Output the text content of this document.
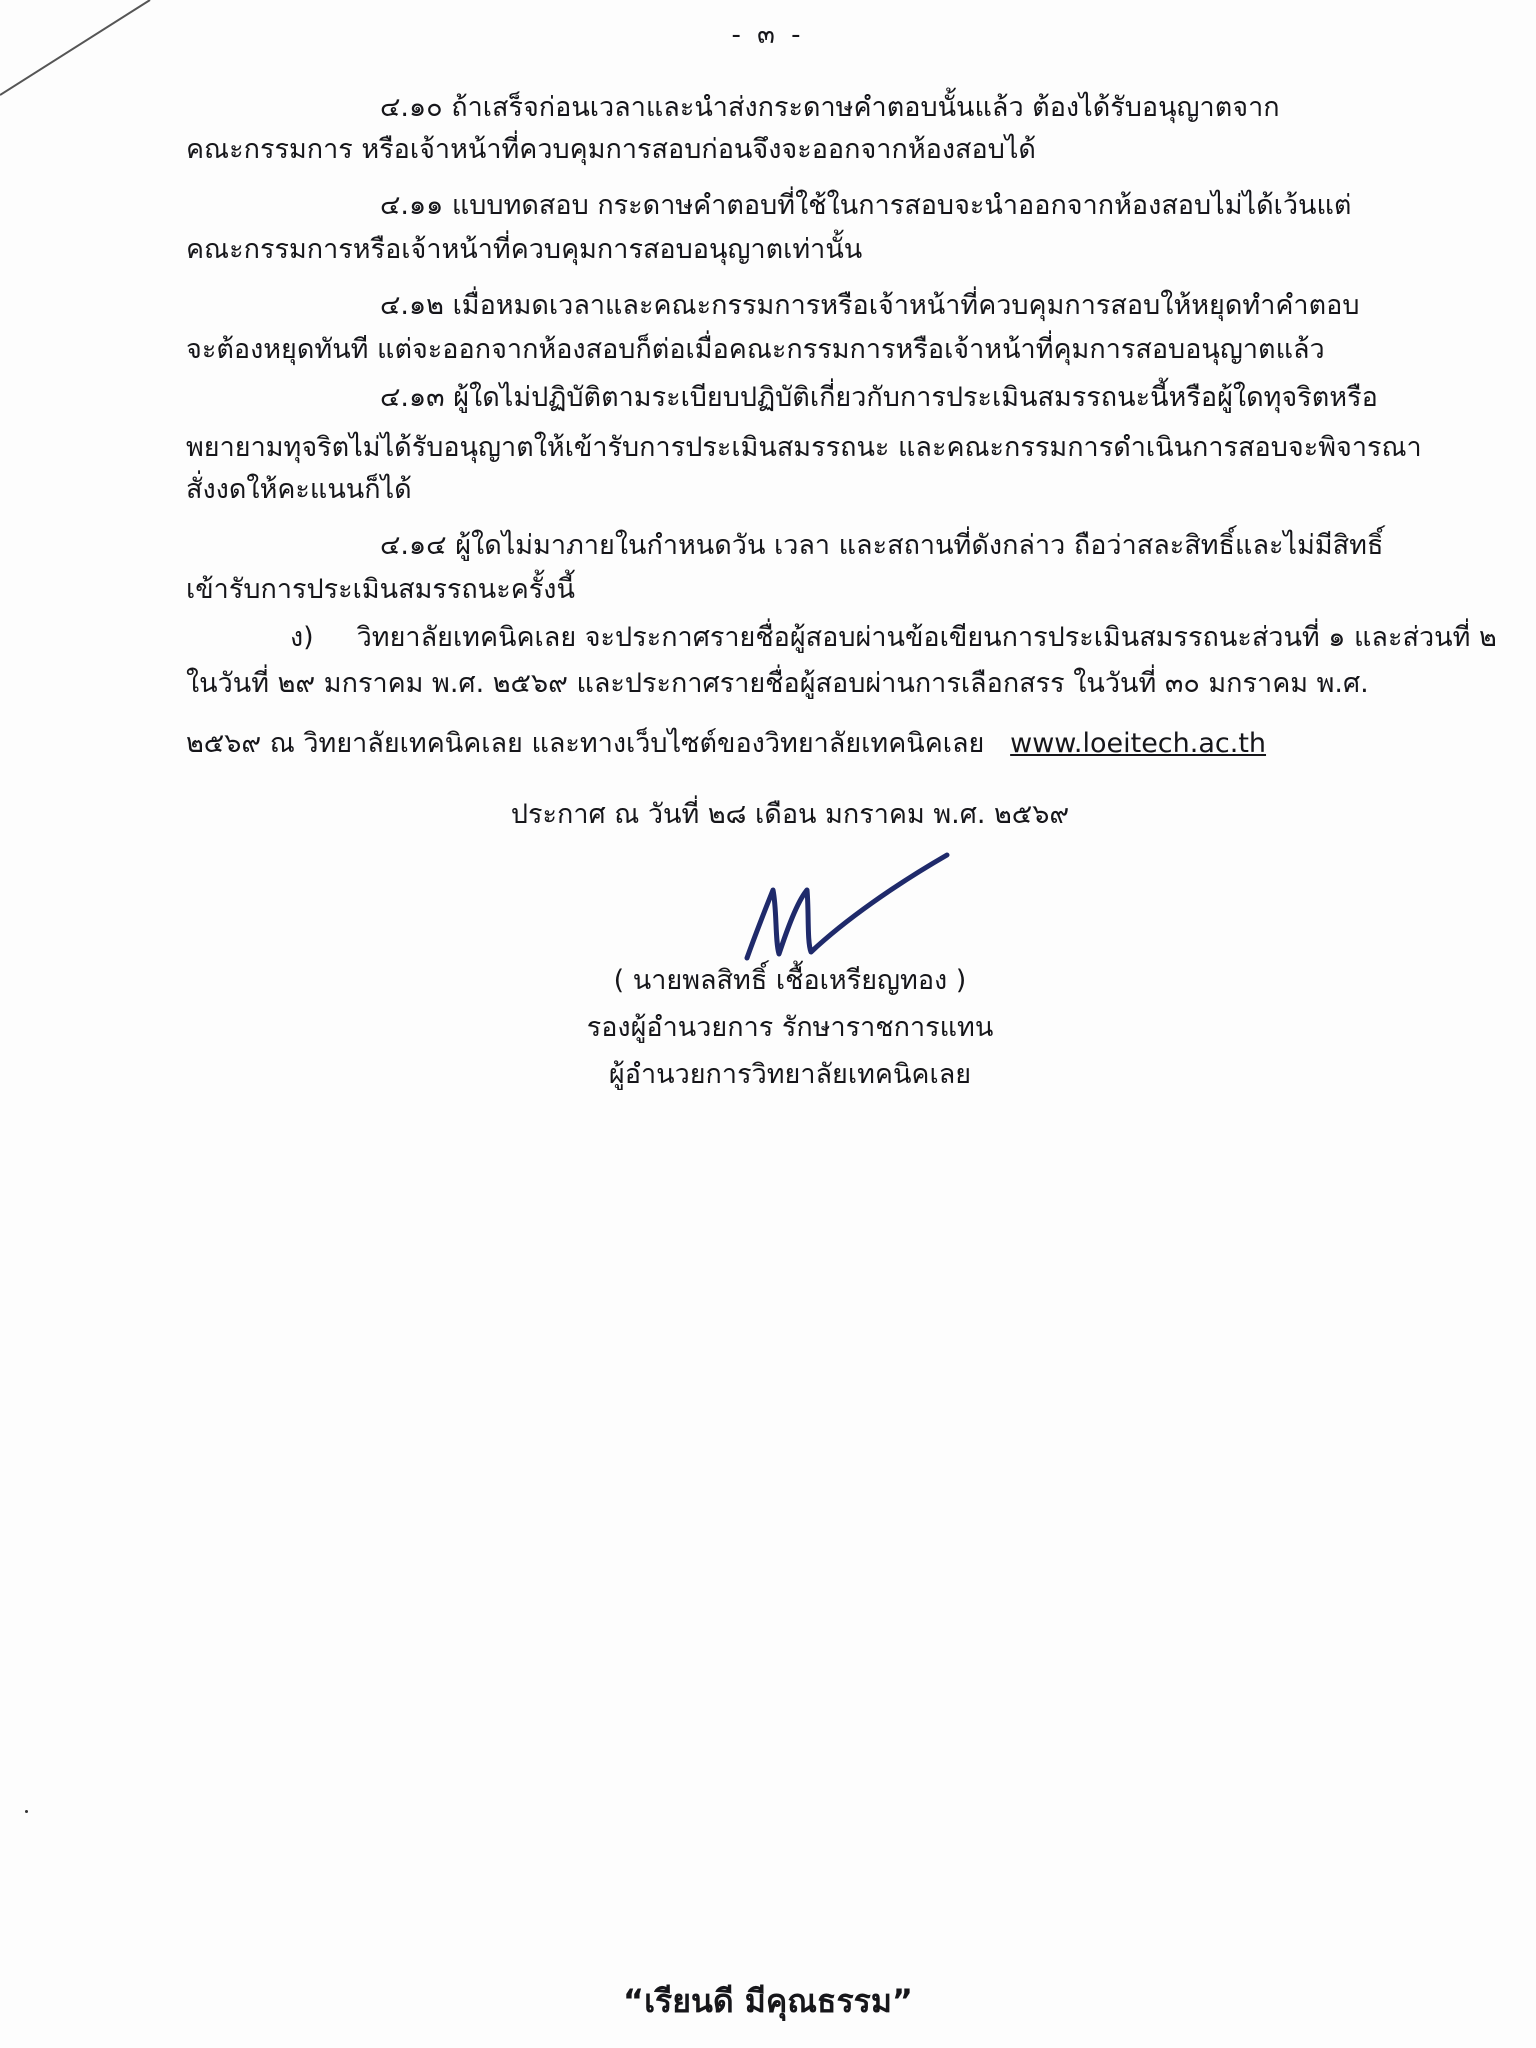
- ๓ -
๔.๑๐ ถ้าเสร็จก่อนเวลาและนำส่งกระดาษคำตอบนั้นแล้ว ต้องได้รับอนุญาตจาก
คณะกรรมการ หรือเจ้าหน้าที่ควบคุมการสอบก่อนจึงจะออกจากห้องสอบได้
๔.๑๑ แบบทดสอบ กระดาษคำตอบที่ใช้ในการสอบจะนำออกจากห้องสอบไม่ได้เว้นแต่
คณะกรรมการหรือเจ้าหน้าที่ควบคุมการสอบอนุญาตเท่านั้น
๔.๑๒ เมื่อหมดเวลาและคณะกรรมการหรือเจ้าหน้าที่ควบคุมการสอบให้หยุดทำคำตอบ
จะต้องหยุดทันที แต่จะออกจากห้องสอบก็ต่อเมื่อคณะกรรมการหรือเจ้าหน้าที่คุมการสอบอนุญาตแล้ว
๔.๑๓ ผู้ใดไม่ปฏิบัติตามระเบียบปฏิบัติเกี่ยวกับการประเมินสมรรถนะนี้หรือผู้ใดทุจริตหรือ
พยายามทุจริตไม่ได้รับอนุญาตให้เข้ารับการประเมินสมรรถนะ และคณะกรรมการดำเนินการสอบจะพิจารณา
สั่งงดให้คะแนนก็ได้
๔.๑๔ ผู้ใดไม่มาภายในกำหนดวัน เวลา และสถานที่ดังกล่าว ถือว่าสละสิทธิ์และไม่มีสิทธิ์
เข้ารับการประเมินสมรรถนะครั้งนี้
ง) วิทยาลัยเทคนิคเลย จะประกาศรายชื่อผู้สอบผ่านข้อเขียนการประเมินสมรรถนะส่วนที่ ๑ และส่วนที่ ๒
ในวันที่ ๒๙ มกราคม พ.ศ. ๒๕๖๙ และประกาศรายชื่อผู้สอบผ่านการเลือกสรร ในวันที่ ๓๐ มกราคม พ.ศ.
๒๕๖๙ ณ วิทยาลัยเทคนิคเลย และทางเว็บไซต์ของวิทยาลัยเทคนิคเลย www.loeitech.ac.th
ประกาศ ณ วันที่ ๒๘ เดือน มกราคม พ.ศ. ๒๕๖๙
( นายพลสิทธิ์ เชื้อเหรียญทอง )
รองผู้อำนวยการ รักษาราชการแทน
ผู้อำนวยการวิทยาลัยเทคนิคเลย
“เรียนดี มีคุณธรรม”
